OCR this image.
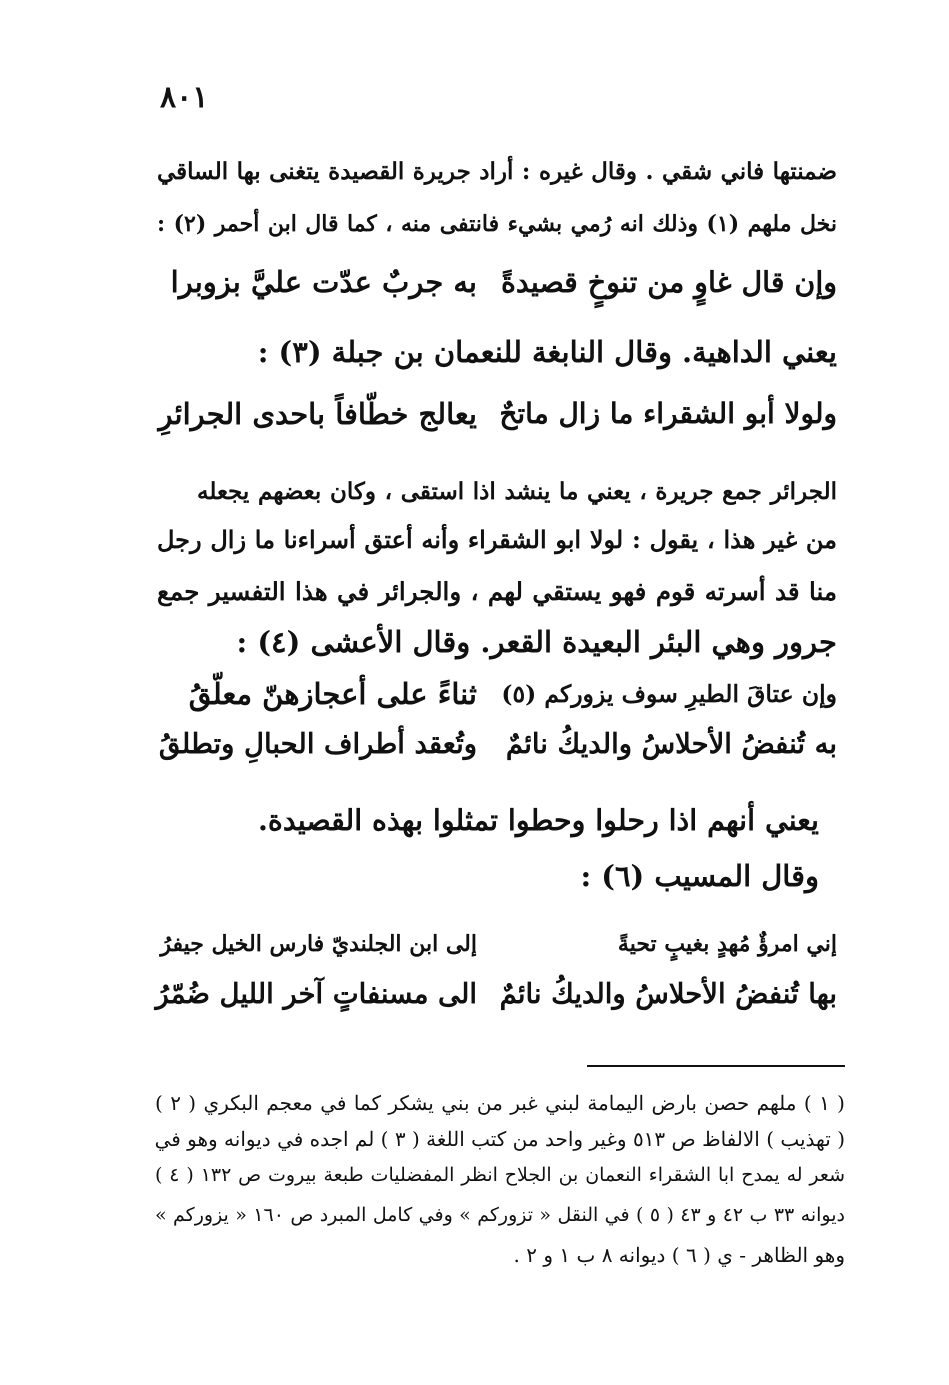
٨٠١
ضمنتها فاني شقي . وقال غيره : أراد جريرة القصيدة يتغنى بها الساقي
نخل ملهم (١) وذلك انه رُمي بشيء فانتفى منه ، كما قال ابن أحمر (٢) :
وإن قال غاوٍ من تنوخٍ قصيدةً
به جربٌ عدّت عليَّ بزوبرا
يعني الداهية. وقال النابغة للنعمان بن جبلة (٣) :
ولولا أبو الشقراء ما زال ماتحٌ
يعالج خطّافاً باحدى الجرائرِ
الجرائر جمع جريرة ، يعني ما ينشد اذا استقى ، وكان بعضهم يجعله
من غير هذا ، يقول : لولا ابو الشقراء وأنه أعتق أسراءنا ما زال رجل
منا قد أسرته قوم فهو يستقي لهم ، والجرائر في هذا التفسير جمع
جرور وهي البئر البعيدة القعر. وقال الأعشى (٤) :
وإن عتاقَ الطيرِ سوف يزوركم (٥)
ثناءً على أعجازهنّ معلّقُ
به تُنفضُ الأحلاسُ والديكُ نائمٌ
وتُعقد أطراف الحبالِ وتطلقُ
يعني أنهم اذا رحلوا وحطوا تمثلوا بهذه القصيدة.
وقال المسيب (٦) :
إني امرؤٌ مُهدٍ بغيبٍ تحيةً
إلى ابن الجلنديّ فارس الخيل جيفرُ
بها تُنفضُ الأحلاسُ والديكُ نائمٌ
الى مسنفاتٍ آخر الليل ضُمّرُ
( ١ ) ملهم حصن بارض اليمامة لبني غبر من بني يشكر كما في معجم البكري ( ٢ )
( تهذيب ) الالفاظ ص ٥١٣ وغير واحد من كتب اللغة ( ٣ ) لم اجده في ديوانه وهو في
شعر له يمدح ابا الشقراء النعمان بن الجلاح انظر المفضليات طبعة بيروت ص ١٣٢ ( ٤ )
ديوانه ٣٣ ب ٤٢ و ٤٣ ( ٥ ) في النقل « تزوركم » وفي كامل المبرد ص ١٦٠ « يزوركم »
وهو الظاهر - ي ( ٦ ) ديوانه ٨ ب ١ و ٢ .
